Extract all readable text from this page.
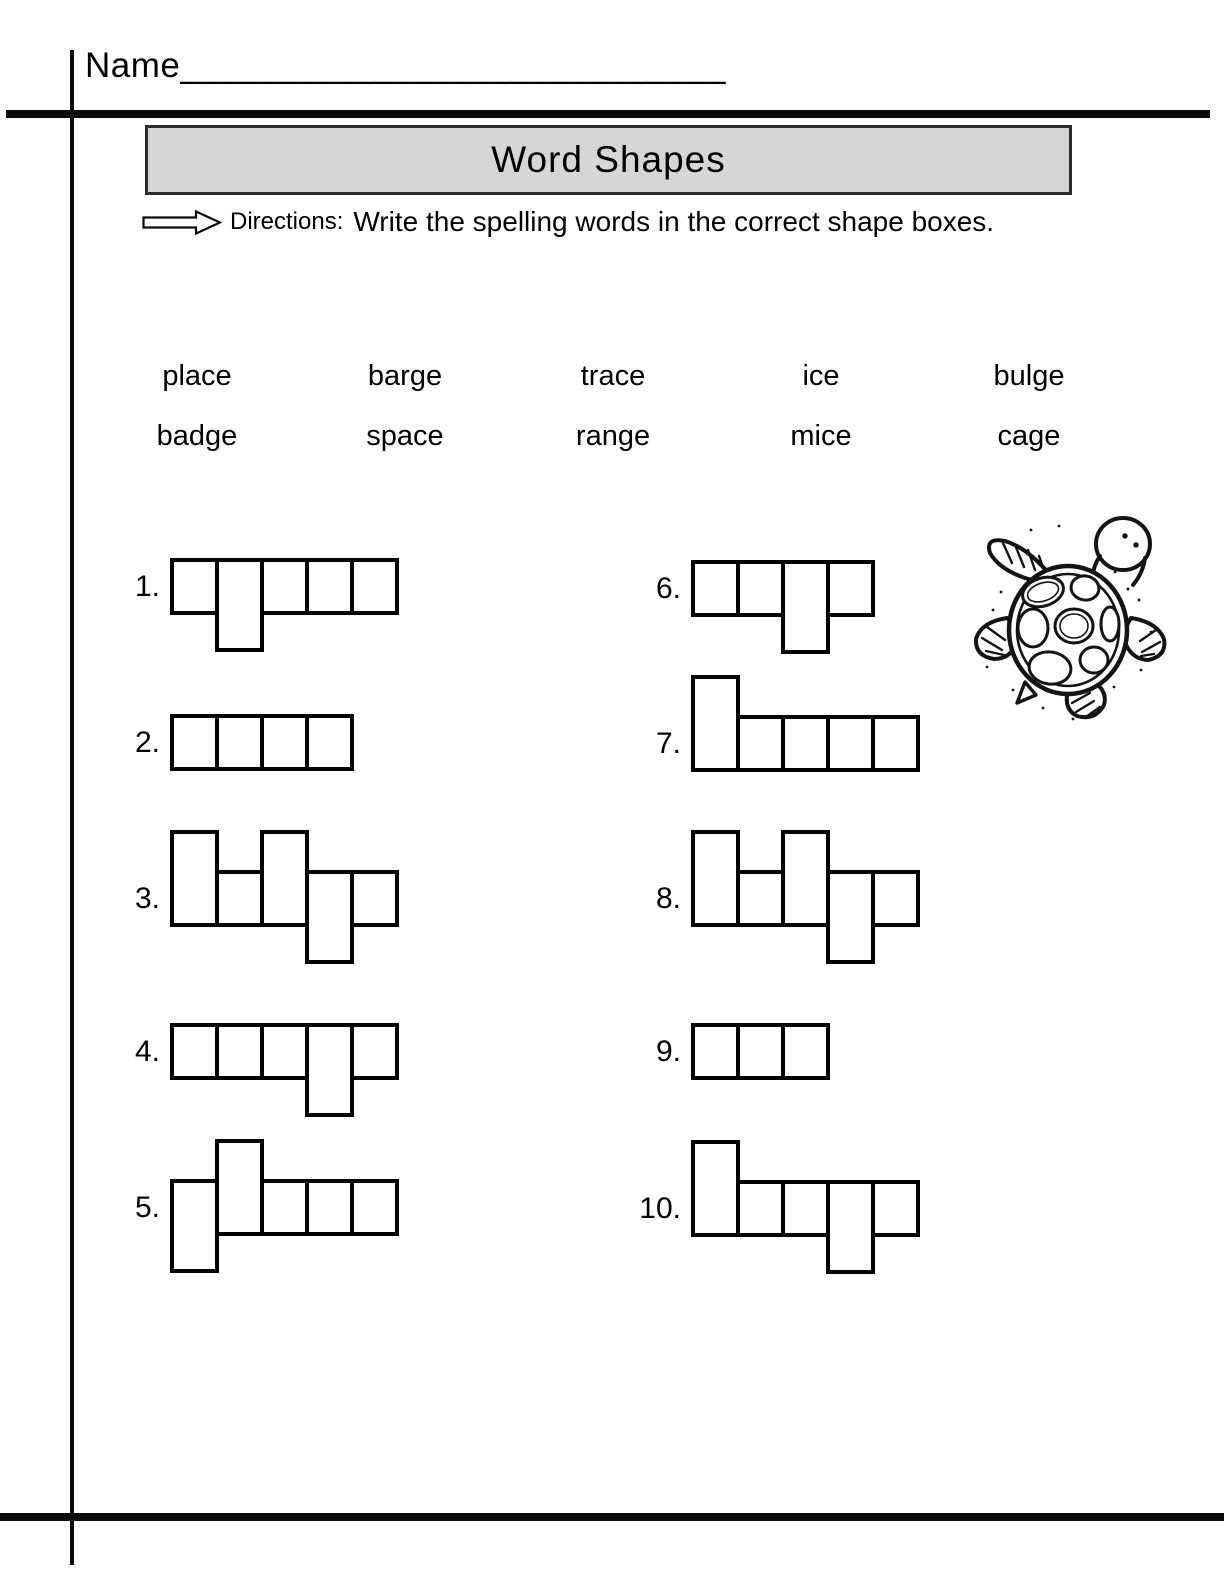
Name____________________________
Word Shapes
Directions: Write the spelling words in the correct shape boxes.
place	barge	trace	ice	bulge
badge	space	range	mice	cage
1.
2.
3.
4.
5.
6.
7.
8.
9.
10.
